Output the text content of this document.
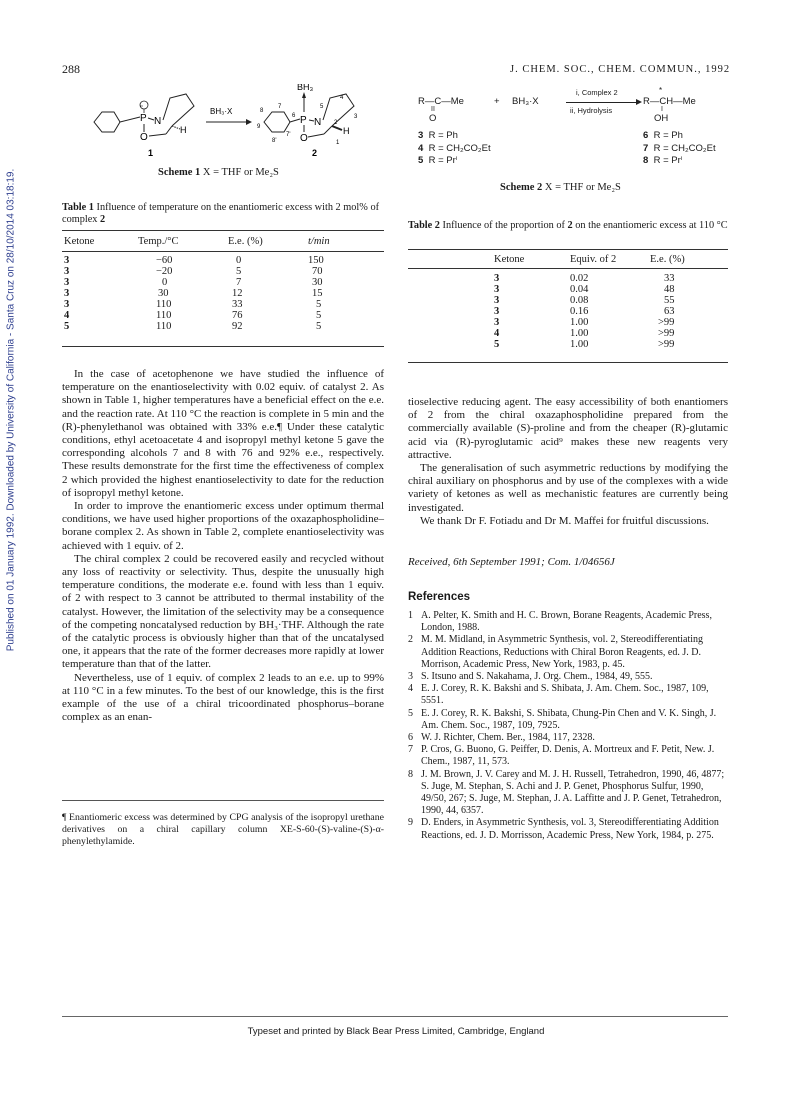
Published on 01 January 1992. Downloaded by University of California - Santa Cruz on 28/10/2014 03:18:19.
288	J. CHEM. SOC., CHEM. COMMUN., 1992
P
••
N
O
H
1
BH₃·X	7
8
9
6
8'
7'
P
BH₃
N
O
4
5
3
2
1
H
2
Scheme 1 X = THF or Me₂S
Table 1 Influence of temperature on the enantiomeric excess with 2 mol% of complex 2
Ketone	Temp./°C	E.e. (%)	t/min

3	−60	0	150
3	−20	5	70
3	0	7	30
3	30	12	15
3	110	33	5
4	110	76	5
5	110	92	5
R—C—Me
II
O
+ BH₃·X
i, Complex 2
ii, Hydrolysis
*
R—CH—Me
I
OH
3 R = Ph
4 R = CH₂CO₂Et
5 R = Prⁱ
6 R = Ph
7 R = CH₂CO₂Et
8 R = Prⁱ
Scheme 2 X = THF or Me₂S
Table 2 Influence of the proportion of 2 on the enantiomeric excess at 110 °C
Ketone	Equiv. of 2	E.e. (%)

3	0.02	33
3	0.04	48
3	0.08	55
3	0.16	63
3	1.00	>99
4	1.00	>99
5	1.00	>99

In the case of acetophenone we have studied the influence of temperature on the enantioselectivity with 0.02 equiv. of catalyst 2. As shown in Table 1, higher temperatures have a beneficial effect on the e.e. and the reaction rate. At 110 °C the reaction is complete in 5 min and the (R)-phenylethanol was obtained with 33% e.e.¶ Under these catalytic conditions, ethyl acetoacetate 4 and isopropyl methyl ketone 5 gave the corresponding alcohols 7 and 8 with 76 and 92% e.e., respectively. These results demonstrate for the first time the effectiveness of complex 2 which provided the highest enantioselectivity to date for the reduction of isopropyl methyl ketone.

In order to improve the enantiomeric excess under optimum thermal conditions, we have used higher proportions of the oxazaphospholidine–borane complex 2. As shown in Table 2, complete enantioselectivity was achieved with 1 equiv. of 2.

The chiral complex 2 could be recovered easily and recycled without any loss of reactivity or selectivity. Thus, despite the unusually high temperature conditions, the moderate e.e. found with less than 1 equiv. of 2 with respect to 3 cannot be attributed to thermal instability of the catalyst. However, the limitation of the selectivity may be a consequence of the competing noncatalysed reduction by BH₃·THF. Although the rate of the catalytic process is obviously higher than that of the uncatalysed one, it appears that the rate of the former decreases more rapidly at lower temperature than that of the latter.

Nevertheless, use of 1 equiv. of complex 2 leads to an e.e. up to 99% at 110 °C in a few minutes. To the best of our knowledge, this is the first example of the use of a chiral tricoordinated phosphorus–borane complex as an enan-

¶ Enantiomeric excess was determined by CPG analysis of the isopropyl urethane derivatives on a chiral capillary column XE-S-60-(S)-valine-(S)-α-phenylethylamide.

tioselective reducing agent. The easy accessibility of both enantiomers of 2 from the chiral oxazaphospholidine prepared from the commercially available (S)-proline and from the cheaper (R)-glutamic acid via (R)-pyroglutamic acid⁹ makes these new reagents very attractive.

The generalisation of such asymmetric reductions by modifying the chiral auxiliary on phosphorus and by use of the complexes with a wide variety of ketones as well as mechanistic features are currently being investigated.

We thank Dr F. Fotiadu and Dr M. Maffei for fruitful discussions.

Received, 6th September 1991; Com. 1/04656J
References
1 A. Pelter, K. Smith and H. C. Brown, Borane Reagents, Academic Press, London, 1988.
2 M. M. Midland, in Asymmetric Synthesis, vol. 2, Stereodifferentiating Addition Reactions, Reductions with Chiral Boron Reagents, ed. J. D. Morrison, Academic Press, New York, 1983, p. 45.
3 S. Itsuno and S. Nakahama, J. Org. Chem., 1984, 49, 555.
4 E. J. Corey, R. K. Bakshi and S. Shibata, J. Am. Chem. Soc., 1987, 109, 5551.
5 E. J. Corey, R. K. Bakshi, S. Shibata, Chung-Pin Chen and V. K. Singh, J. Am. Chem. Soc., 1987, 109, 7925.
6 W. J. Richter, Chem. Ber., 1984, 117, 2328.
7 P. Cros, G. Buono, G. Peiffer, D. Denis, A. Mortreux and F. Petit, New. J. Chem., 1987, 11, 573.
8 J. M. Brown, J. V. Carey and M. J. H. Russell, Tetrahedron, 1990, 46, 4877; S. Juge, M. Stephan, S. Achi and J. P. Genet, Phosphorus Sulfur, 1990, 49/50, 267; S. Juge, M. Stephan, J. A. Laffitte and J. P. Genet, Tetrahedron, 1990, 44, 6357.
9 D. Enders, in Asymmetric Synthesis, vol. 3, Stereodifferentiating Addition Reactions, ed. J. D. Morrisson, Academic Press, New York, 1984, p. 275.
Typeset and printed by Black Bear Press Limited, Cambridge, England
